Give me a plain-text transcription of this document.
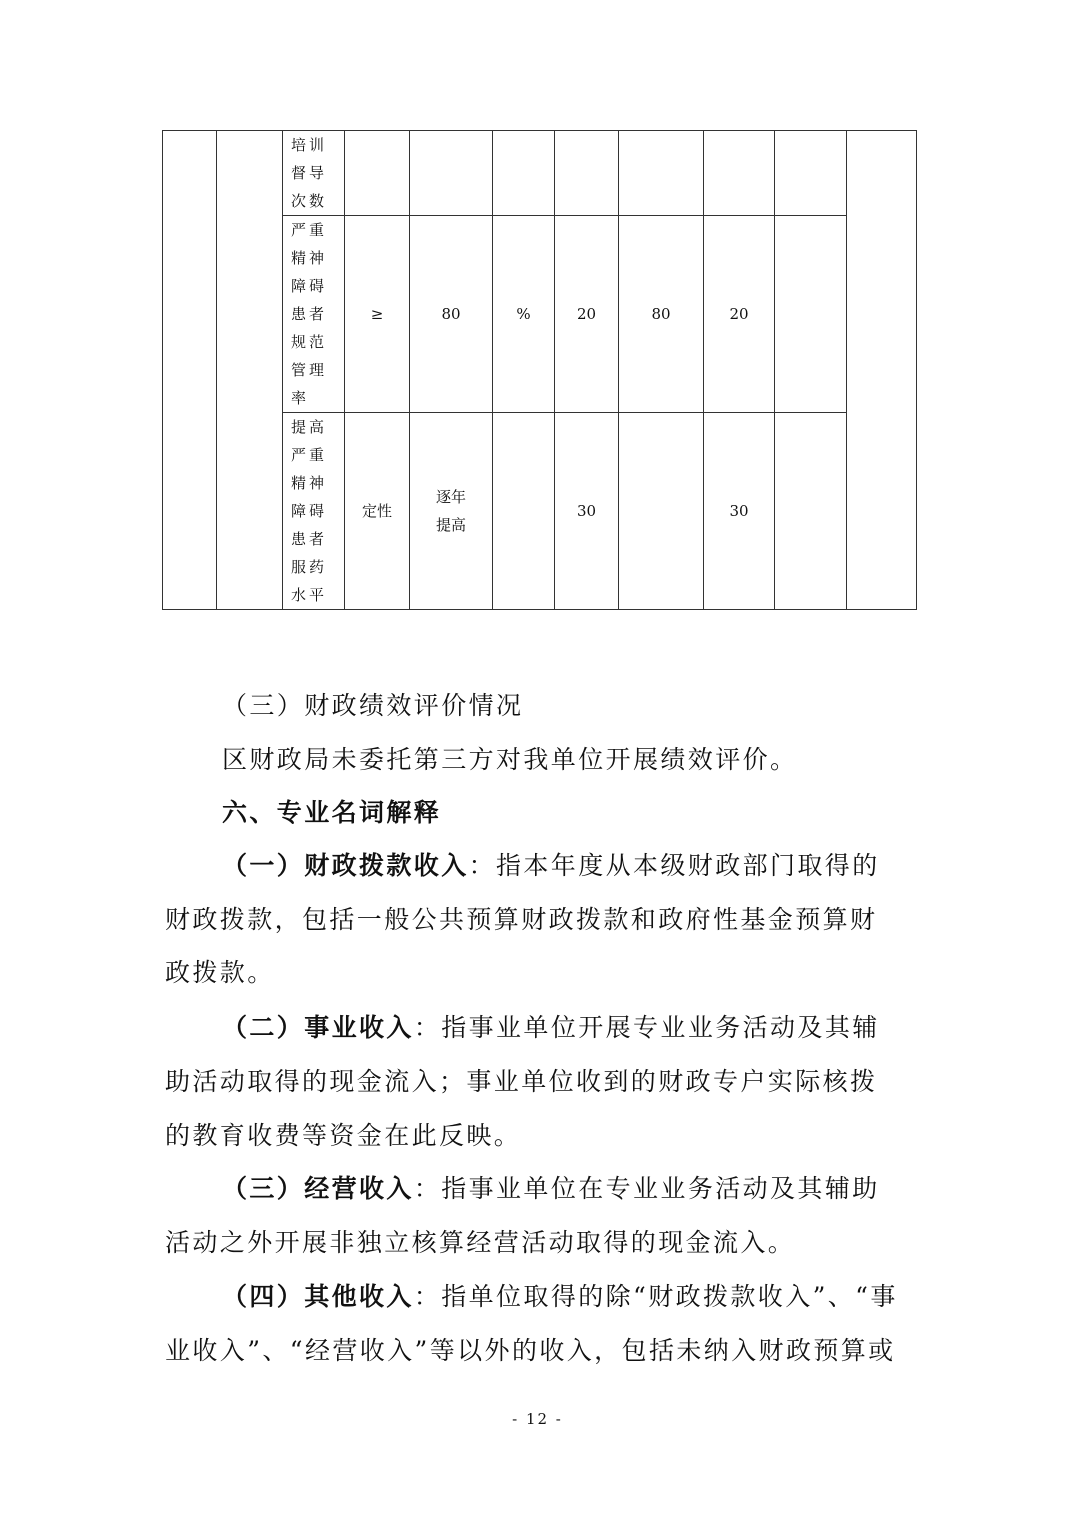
		培训督导次数								

		严重精神障碍患者规范管理率	≥	80	%	20	80	20		

		提高严重精神障碍患者服药水平	定性	逐年提高		30		30		
（三）财政绩效评价情况
区财政局未委托第三方对我单位开展绩效评价。
六、专业名词解释
（一）财政拨款收入：指本年度从本级财政部门取得的
财政拨款，包括一般公共预算财政拨款和政府性基金预算财
政拨款。
（二）事业收入：指事业单位开展专业业务活动及其辅
助活动取得的现金流入；事业单位收到的财政专户实际核拨
的教育收费等资金在此反映。
（三）经营收入：指事业单位在专业业务活动及其辅助
活动之外开展非独立核算经营活动取得的现金流入。
（四）其他收入：指单位取得的除“财政拨款收入”、“事
业收入”、“经营收入”等以外的收入，包括未纳入财政预算或
- 12 -
